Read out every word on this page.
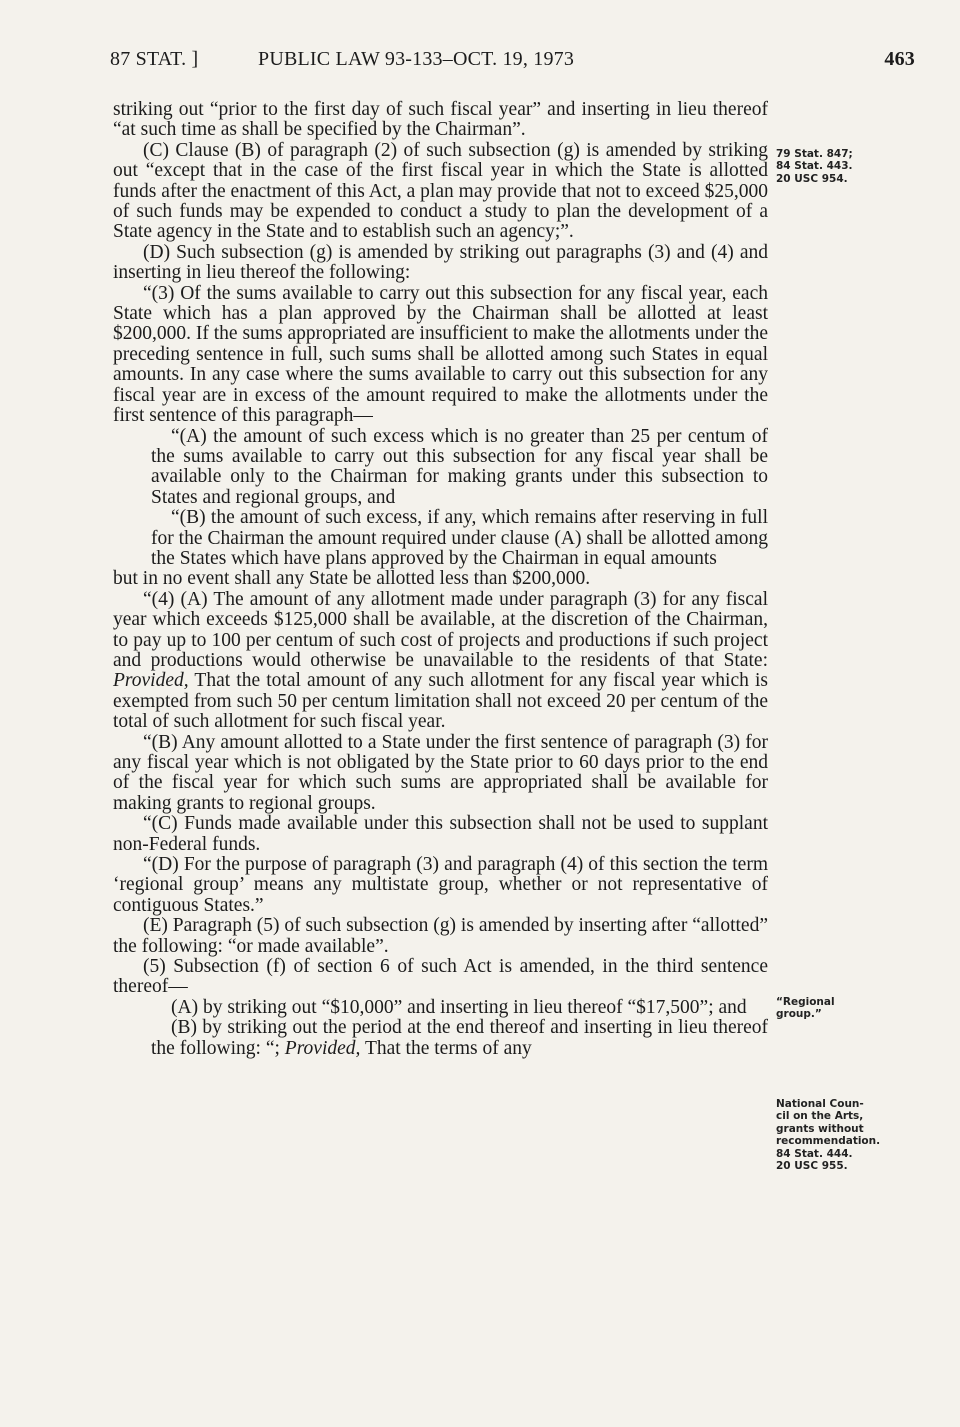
87 STAT. ]	PUBLIC LAW 93-133–OCT. 19, 1973	463

striking out “prior to the first day of such fiscal year” and inserting in lieu thereof “at such time as shall be specified by the Chairman”.

(C) Clause (B) of paragraph (2) of such subsection (g) is amended by striking out “except that in the case of the first fiscal year in which the State is allotted funds after the enactment of this Act, a plan may provide that not to exceed $25,000 of such funds may be expended to conduct a study to plan the development of a State agency in the State and to establish such an agency;”.

(D) Such subsection (g) is amended by striking out paragraphs (3) and (4) and inserting in lieu thereof the following:

“(3) Of the sums available to carry out this subsection for any fiscal year, each State which has a plan approved by the Chairman shall be allotted at least $200,000. If the sums appropriated are insufficient to make the allotments under the preceding sentence in full, such sums shall be allotted among such States in equal amounts. In any case where the sums available to carry out this subsection for any fiscal year are in excess of the amount required to make the allotments under the first sentence of this paragraph—

“(A) the amount of such excess which is no greater than 25 per centum of the sums available to carry out this subsection for any fiscal year shall be available only to the Chairman for making grants under this subsection to States and regional groups, and

“(B) the amount of such excess, if any, which remains after reserving in full for the Chairman the amount required under clause (A) shall be allotted among the States which have plans approved by the Chairman in equal amounts

but in no event shall any State be allotted less than $200,000.

“(4) (A) The amount of any allotment made under paragraph (3) for any fiscal year which exceeds $125,000 shall be available, at the discretion of the Chairman, to pay up to 100 per centum of such cost of projects and productions if such project and productions would otherwise be unavailable to the residents of that State: Provided, That the total amount of any such allotment for any fiscal year which is exempted from such 50 per centum limitation shall not exceed 20 per centum of the total of such allotment for such fiscal year.

“(B) Any amount allotted to a State under the first sentence of paragraph (3) for any fiscal year which is not obligated by the State prior to 60 days prior to the end of the fiscal year for which such sums are appropriated shall be available for making grants to regional groups.

“(C) Funds made available under this subsection shall not be used to supplant non-Federal funds.

“(D) For the purpose of paragraph (3) and paragraph (4) of this section the term ‘regional group’ means any multistate group, whether or not representative of contiguous States.”

(E) Paragraph (5) of such subsection (g) is amended by inserting after “allotted” the following: “or made available”.

(5) Subsection (f) of section 6 of such Act is amended, in the third sentence thereof—

(A) by striking out “$10,000” and inserting in lieu thereof “$17,500”; and

(B) by striking out the period at the end thereof and inserting in lieu thereof the following: “; Provided, That the terms of any

79 Stat. 847;
84 Stat. 443.
20 USC 954.
“Regional
group.”
National Coun-
cil on the Arts,
grants without
recommendation.
84 Stat. 444.
20 USC 955.
